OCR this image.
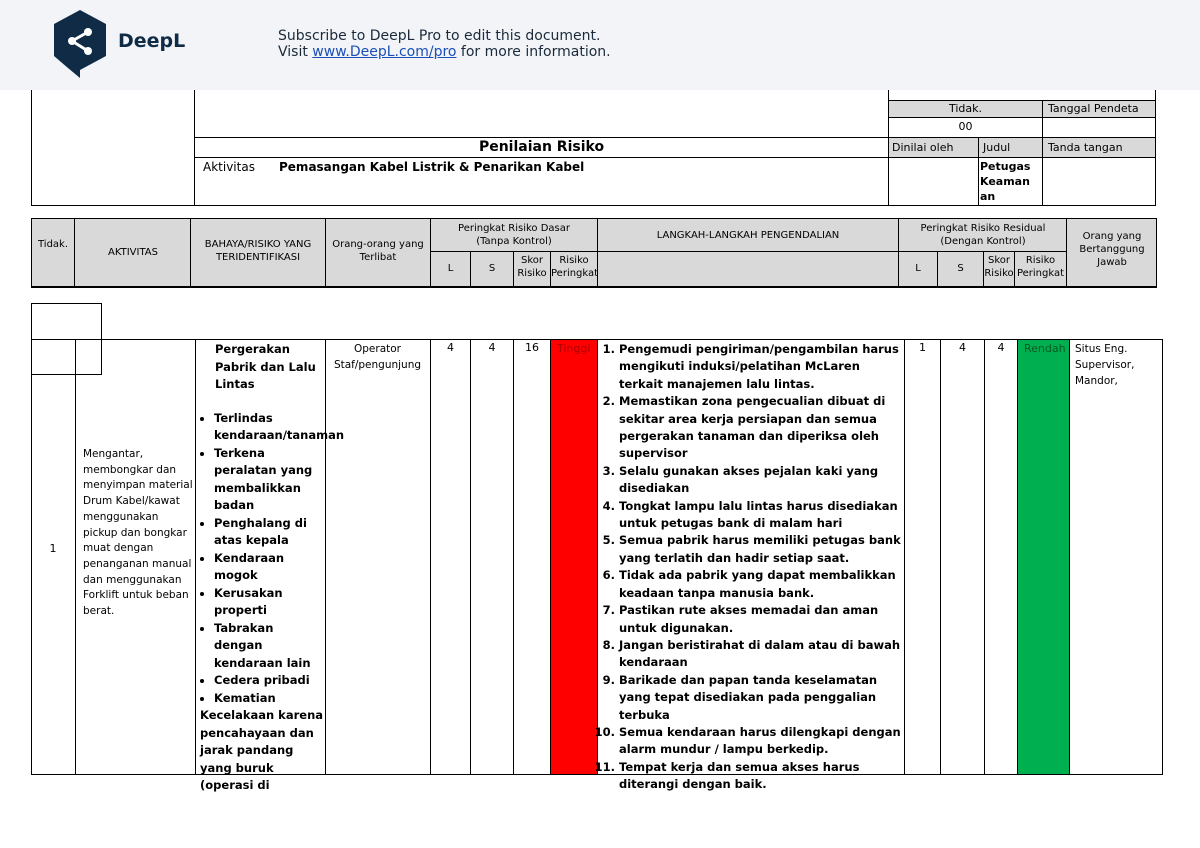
DeepL	Subscribe to DeepL Pro to edit this document.
Visit www.DeepL.com/pro for more information.
Tidak.	Tanggal Pendeta
00
Penilaian Risiko	Dinilai oleh	Judul	Tanda tangan
Aktivitas	Pemasangan Kabel Listrik & Penarikan Kabel	Petugas Keamanan
Tidak.
AKTIVITAS
BAHAYA/RISIKO YANG TERIDENTIFIKASI
Orang-orang yang Terlibat
Peringkat Risiko Dasar (Tanpa Kontrol)
LANGKAH-LANGKAH PENGENDALIAN
Peringkat Risiko Residual (Dengan Kontrol)	Orang yang Bertanggung Jawab
L	S
Skor Risiko
Risiko Peringkat	L	S
Skor Risiko
Risiko Peringkat
1
Mengantar, membongkar dan menyimpan material Drum Kabel/kawat menggunakan pickup dan bongkar muat dengan penanganan manual dan menggunakan Forklift untuk beban berat.
Pergerakan Pabrik dan Lalu Lintas
• Terlindas kendaraan/tanaman
• Terkena peralatan yang membalikkan badan
• Penghalang di atas kepala
• Kendaraan mogok
• Kerusakan properti
• Tabrakan dengan kendaraan lain
• Cedera pribadi
• Kematian
Kecelakaan karena pencahayaan dan jarak pandang yang buruk (operasi di
Operator Staf/pengunjung
4	4	16	Tinggi
1.	Pengemudi pengiriman/pengambilan harus mengikuti induksi/pelatihan McLaren terkait manajemen lalu lintas.
2. Memastikan zona pengecualian dibuat di sekitar area kerja persiapan dan semua pergerakan tanaman dan diperiksa oleh supervisor
3. Selalu gunakan akses pejalan kaki yang disediakan
4. Tongkat lampu lalu lintas harus disediakan untuk petugas bank di malam hari
5. Semua pabrik harus memiliki petugas bank yang terlatih dan hadir setiap saat.
6. Tidak ada pabrik yang dapat membalikkan keadaan tanpa manusia bank.
7. Pastikan rute akses memadai dan aman untuk digunakan.
8. Jangan beristirahat di dalam atau di bawah kendaraan
9. Barikade dan papan tanda keselamatan yang tepat disediakan pada penggalian terbuka
10. Semua kendaraan harus dilengkapi dengan alarm mundur / lampu berkedip.
11. Tempat kerja dan semua akses harus diterangi dengan baik.
1	4	4	Rendah Situs Eng. Supervisor, Mandor,
